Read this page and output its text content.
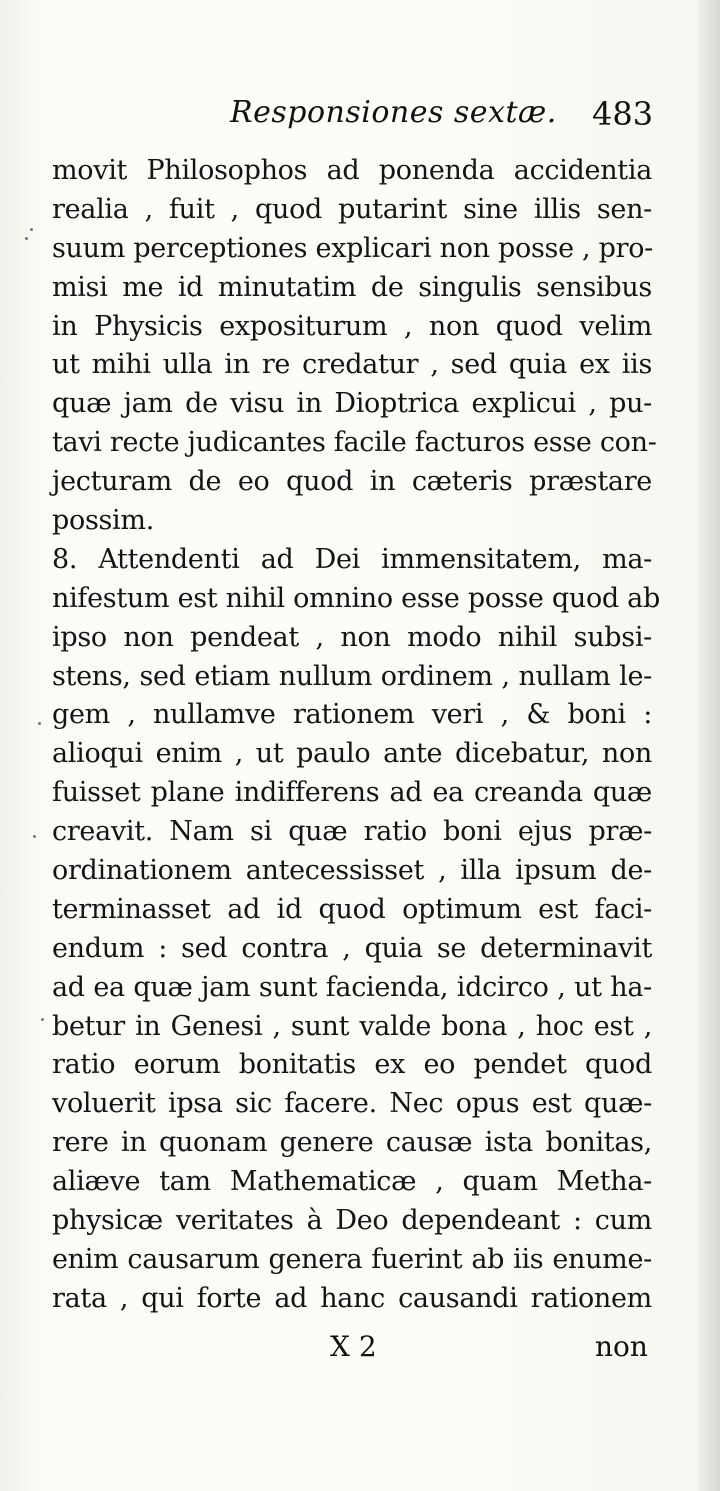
Responsiones sextæ. 483
movit Philosophos ad ponenda accidentia
realia , fuit , quod putarint sine illis sen-
suum perceptiones explicari non posse , pro-
misi me id minutatim de singulis sensibus
in Physicis expositurum , non quod velim
ut mihi ulla in re credatur , sed quia ex iis
quæ jam de visu in Dioptrica explicui , pu-
tavi recte judicantes facile facturos esse con-
jecturam de eo quod in cæteris præstare
possim.
8. Attendenti ad Dei immensitatem, ma-
nifestum est nihil omnino esse posse quod ab
ipso non pendeat , non modo nihil subsi-
stens, sed etiam nullum ordinem , nullam le-
gem , nullamve rationem veri , & boni :
alioqui enim , ut paulo ante dicebatur, non
fuisset plane indifferens ad ea creanda quæ
creavit. Nam si quæ ratio boni ejus præ-
ordinationem antecessisset , illa ipsum de-
terminasset ad id quod optimum est faci-
endum : sed contra , quia se determinavit
ad ea quæ jam sunt facienda, idcirco , ut ha-
betur in Genesi , sunt valde bona , hoc est ,
ratio eorum bonitatis ex eo pendet quod
voluerit ipsa sic facere. Nec opus est quæ-
rere in quonam genere causæ ista bonitas,
aliæve tam Mathematicæ , quam Metha-
physicæ veritates à Deo dependeant : cum
enim causarum genera fuerint ab iis enume-
rata , qui forte ad hanc causandi rationem
X 2	non
